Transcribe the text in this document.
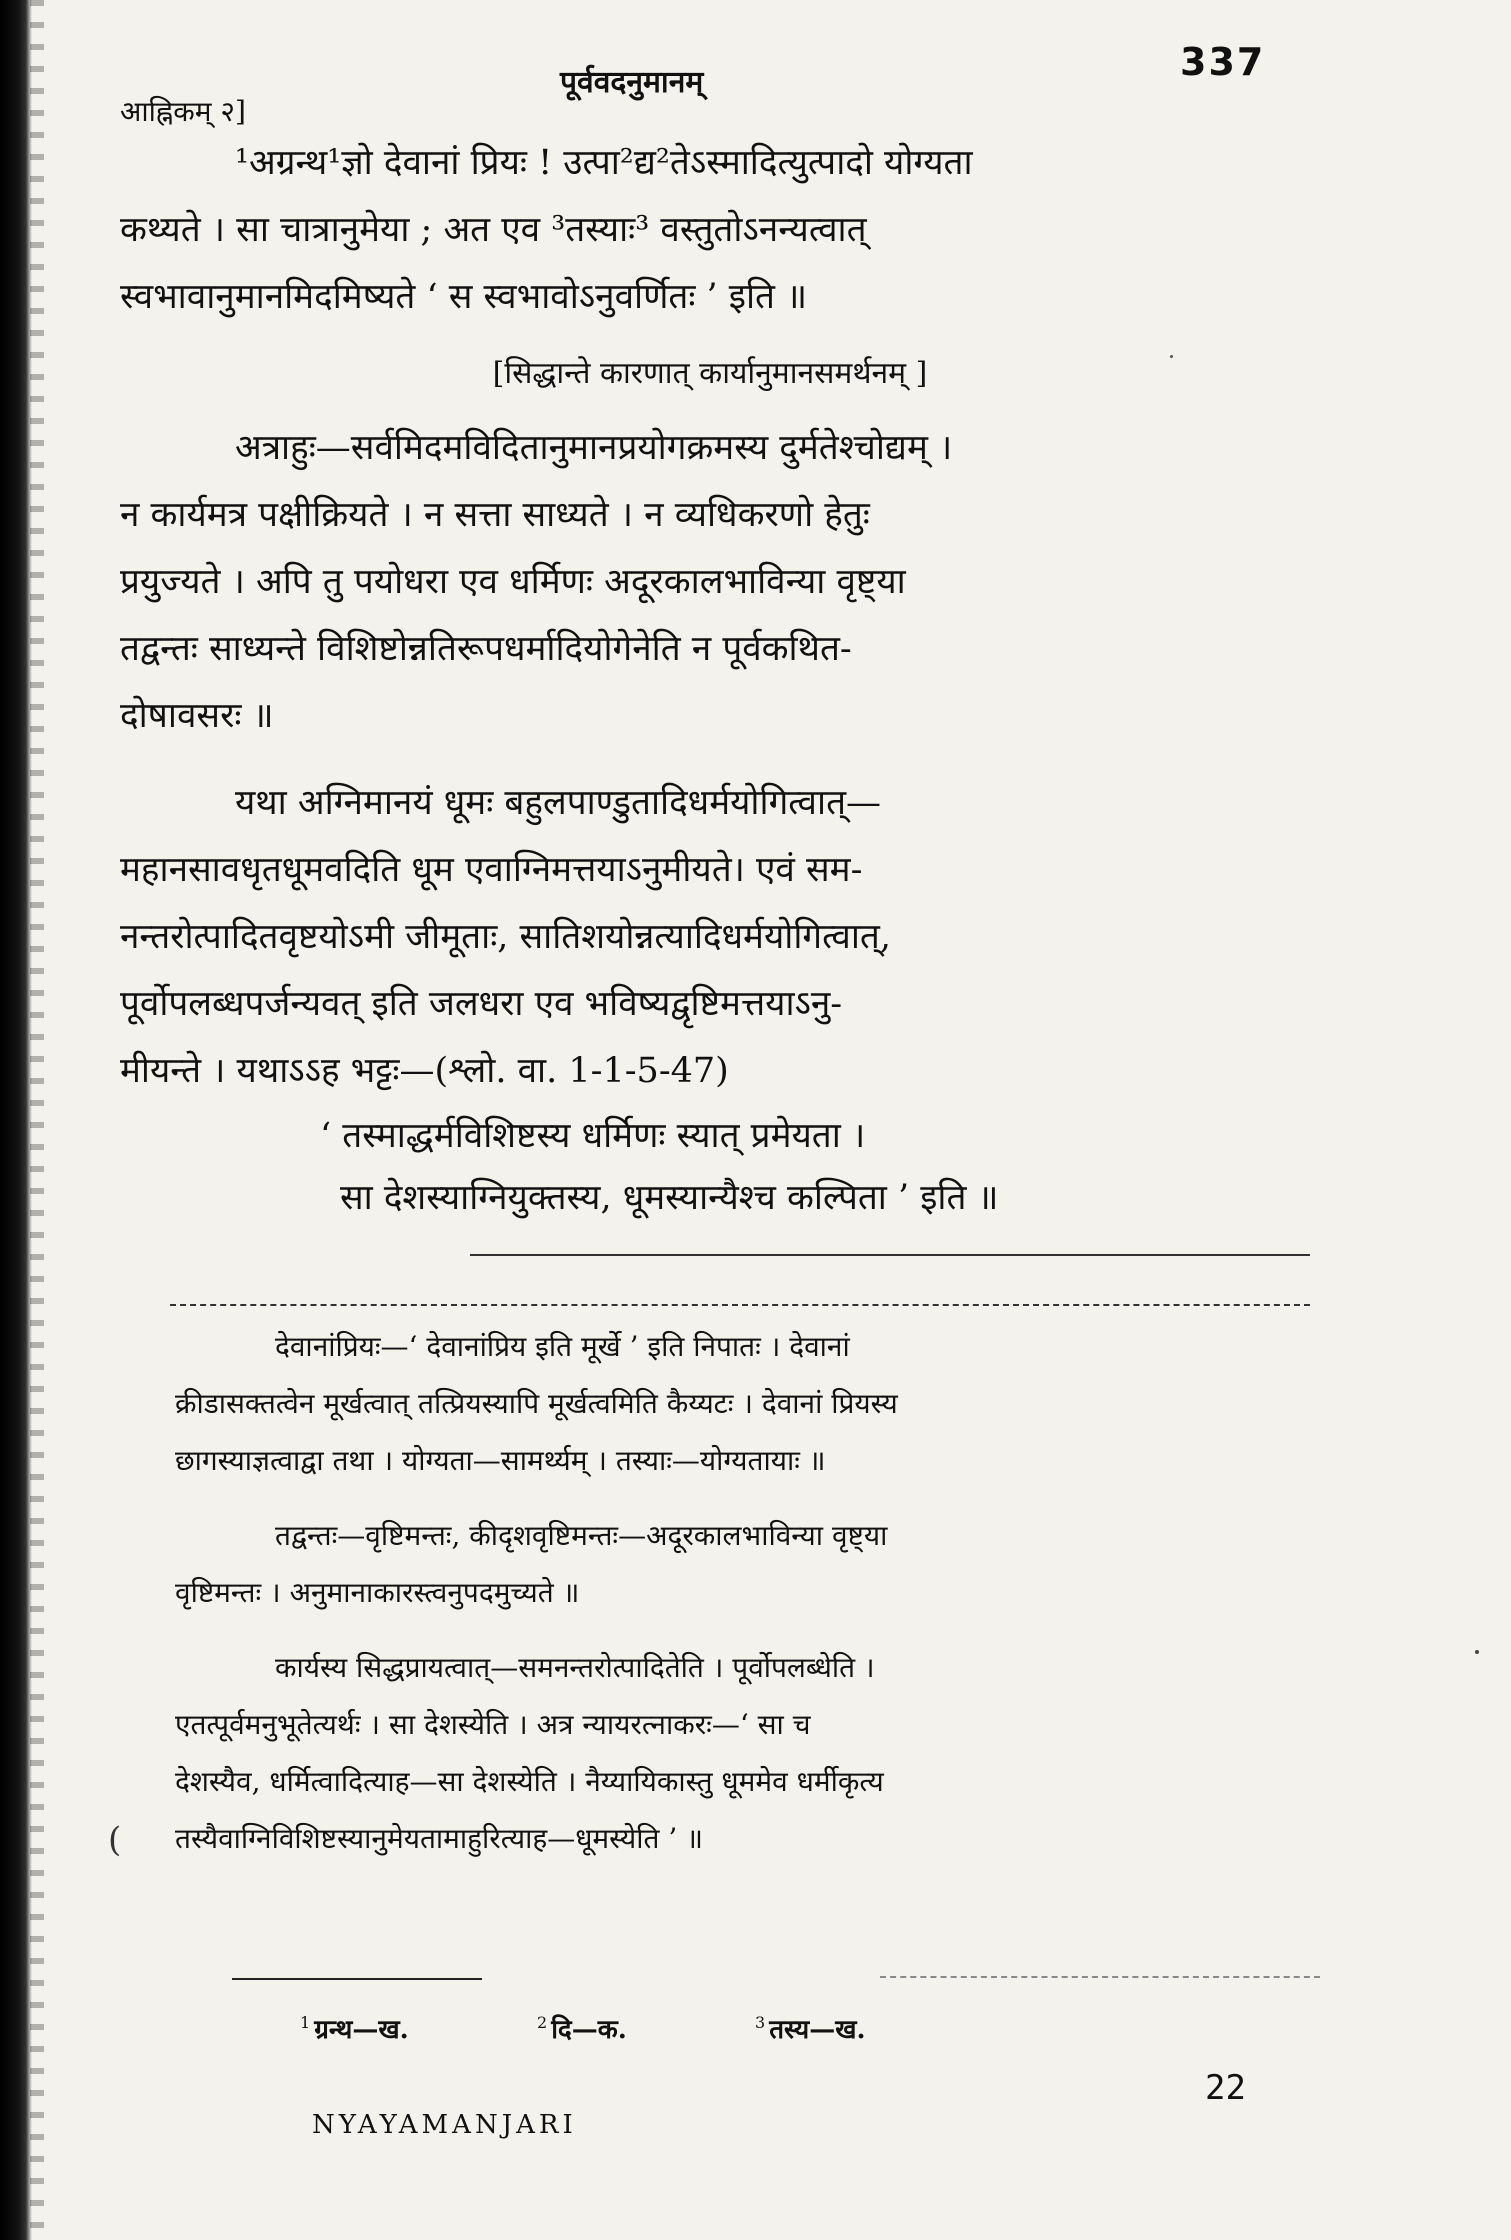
आह्निकम् २]
पूर्ववदनुमानम्	337
¹अग्रन्थ¹ज्ञो देवानां प्रियः ! उत्पा²द्य²तेऽस्मादित्युत्पादो योग्यता
कथ्यते । सा चात्रानुमेया ; अत एव ³तस्याः³ वस्तुतोऽनन्यत्वात्
स्वभावानुमानमिदमिष्यते ‘ स स्वभावोऽनुवर्णितः ’ इति ॥
[सिद्धान्ते कारणात् कार्यानुमानसमर्थनम् ]
अत्राहुः—सर्वमिदमविदितानुमानप्रयोगक्रमस्य दुर्मतेश्चोद्यम् ।
न कार्यमत्र पक्षीक्रियते । न सत्ता साध्यते । न व्यधिकरणो हेतुः
प्रयुज्यते । अपि तु पयोधरा एव धर्मिणः अदूरकालभाविन्या वृष्ट्या
तद्वन्तः साध्यन्ते विशिष्टोन्नतिरूपधर्मादियोगेनेति न पूर्वकथित-
दोषावसरः ॥
यथा अग्निमानयं धूमः बहुलपाण्डुतादिधर्मयोगित्वात्—
महानसावधृतधूमवदिति धूम एवाग्निमत्तयाऽनुमीयते। एवं सम-
नन्तरोत्पादितवृष्टयोऽमी जीमूताः, सातिशयोन्नत्यादिधर्मयोगित्वात्,
पूर्वोपलब्धपर्जन्यवत् इति जलधरा एव भविष्यद्वृष्टिमत्तयाऽनु-
मीयन्ते । यथाऽऽह भट्टः—(श्लो. वा. 1-1-5-47)
‘ तस्माद्धर्मविशिष्टस्य धर्मिणः स्यात् प्रमेयता ।
सा देशस्याग्नियुक्तस्य, धूमस्यान्यैश्च कल्पिता ’ इति ॥
देवानांप्रियः—‘ देवानांप्रिय इति मूर्खे ’ इति निपातः । देवानां
क्रीडासक्तत्वेन मूर्खत्वात् तत्प्रियस्यापि मूर्खत्वमिति कैय्यटः । देवानां प्रियस्य
छागस्याज्ञत्वाद्वा तथा । योग्यता—सामर्थ्यम् । तस्याः—योग्यतायाः ॥
तद्वन्तः—वृष्टिमन्तः, कीदृशवृष्टिमन्तः—अदूरकालभाविन्या वृष्ट्या
वृष्टिमन्तः । अनुमानाकारस्त्वनुपदमुच्यते ॥
कार्यस्य सिद्धप्रायत्वात्—समनन्तरोत्पादितेति । पूर्वोपलब्धेति ।
एतत्पूर्वमनुभूतेत्यर्थः । सा देशस्येति । अत्र न्यायरत्नाकरः—‘ सा च
देशस्यैव, धर्मित्वादित्याह—सा देशस्येति । नैय्यायिकास्तु धूममेव धर्मीकृत्य
तस्यैवाग्निविशिष्टस्यानुमेयतामाहुरित्याह—धूमस्येति ’ ॥
(
$^1$ ग्रन्थ—ख.	$^2$ दि—क.	$^3$ तस्य—ख.
22
NYAYAMANJARI
